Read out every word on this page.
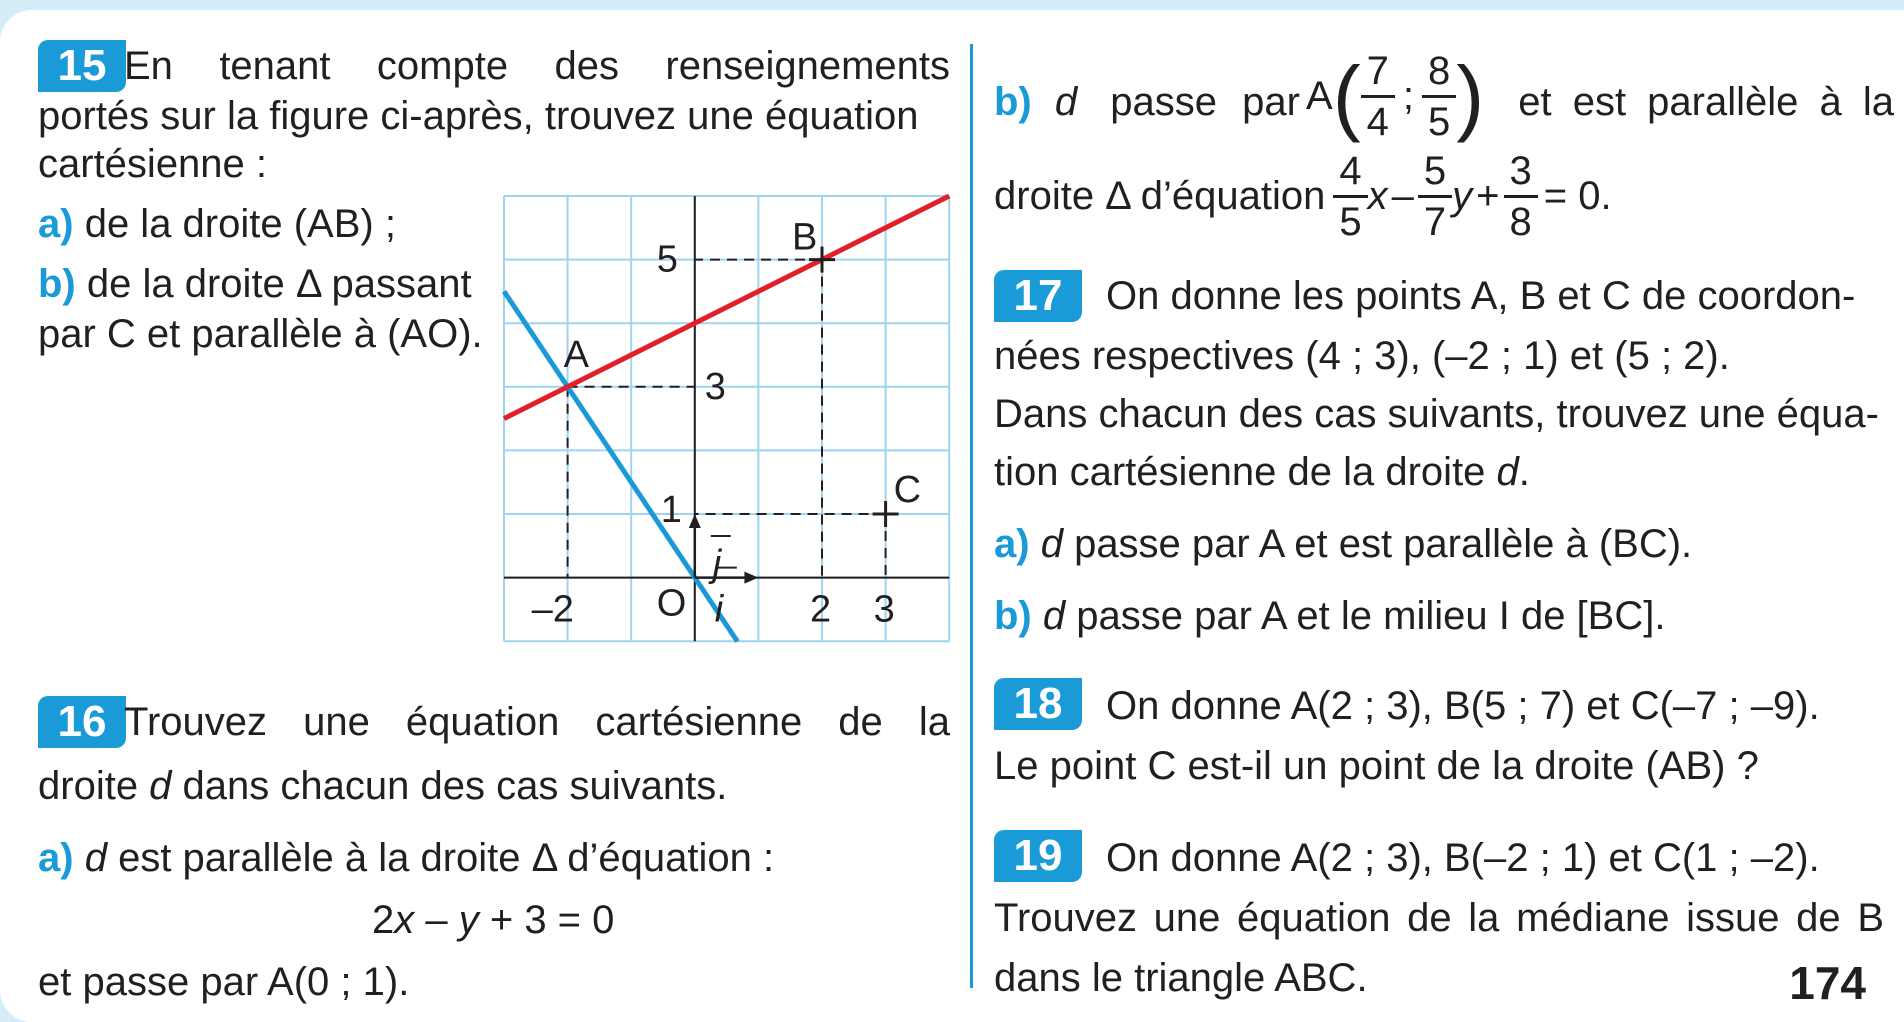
15 En tenant compte des renseignements
portés sur la figure ci-après, trouvez une équation
cartésienne :
a) de la droite (AB) ;
b) de la droite Δ passant
par C et parallèle à (AO). A
B
C
O i
j
5
3
1
–2	2 3
16 Trouvez une équation cartésienne de la
droite d dans chacun des cas suivants.
a) d est parallèle à la droite Δ d’équation :
2x – y + 3 = 0
et passe par A(0 ; 1).
b) d passe par A ( $\frac{7}{4}$ ; $\frac{8}{5}$ ) et est parallèle à la
droite Δ d’équation $\frac{4}{5}$ x – $\frac{5}{7}$ $y + \frac{3}{8} = 0$.
17	On donne les points A, B et C de coordon-
nées respectives (4 ; 3), (–2 ; 1) et (5 ; 2).
Dans chacun des cas suivants, trouvez une équa-
tion cartésienne de la droite d.
a) d passe par A et est parallèle à (BC).
b) d passe par A et le milieu I de [BC].
18	On donne A(2 ; 3), B(5 ; 7) et C(–7 ; –9).
Le point C est-il un point de la droite (AB) ?
19	On donne A(2 ; 3), B(–2 ; 1) et C(1 ; –2).
Trouvez une équation de la médiane issue de B
dans le triangle ABC.	174
